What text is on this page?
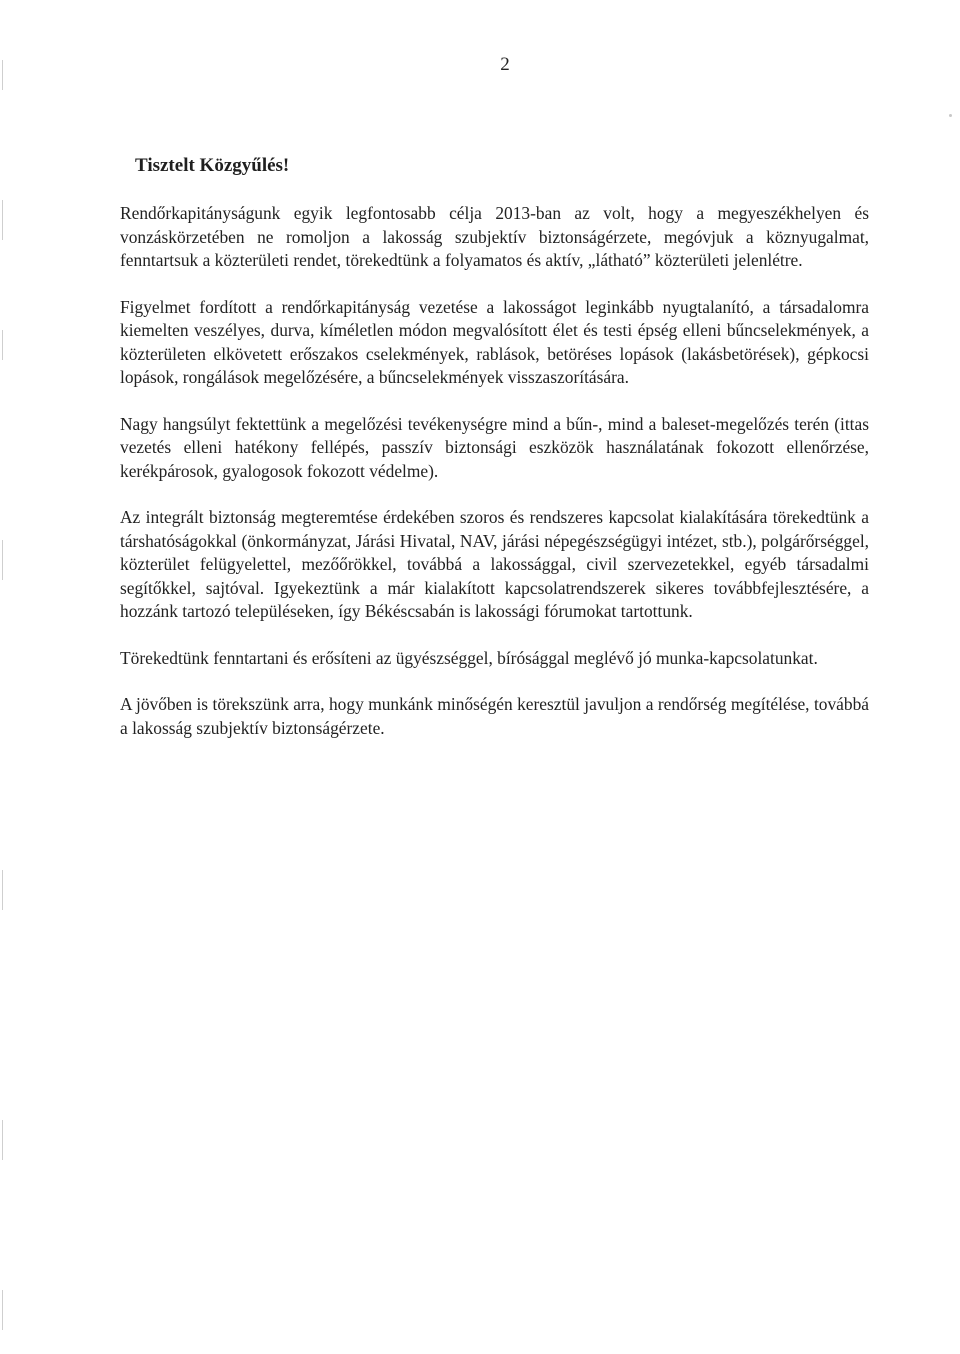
2
Tisztelt Közgyűlés!

Rendőrkapitányságunk egyik legfontosabb célja 2013-ban az volt, hogy a megyeszékhelyen és vonzáskörzetében ne romoljon a lakosság szubjektív biztonságérzete, megóvjuk a köznyugalmat, fenntartsuk a közterületi rendet, törekedtünk a folyamatos és aktív, „látható” közterületi jelenlétre.

Figyelmet fordított a rendőrkapitányság vezetése a lakosságot leginkább nyugtalanító, a társadalomra kiemelten veszélyes, durva, kíméletlen módon megvalósított élet és testi épség elleni bűncselekmények, a közterületen elkövetett erőszakos cselekmények, rablások, betöréses lopások (lakásbetörések), gépkocsi lopások, rongálások megelőzésére, a bűncselekmények visszaszorítására.

Nagy hangsúlyt fektettünk a megelőzési tevékenységre mind a bűn-, mind a baleset-megelőzés terén (ittas vezetés elleni hatékony fellépés, passzív biztonsági eszközök használatának fokozott ellenőrzése, kerékpárosok, gyalogosok fokozott védelme).

Az integrált biztonság megteremtése érdekében szoros és rendszeres kapcsolat kialakítására törekedtünk a társhatóságokkal (önkormányzat, Járási Hivatal, NAV, járási népegészségügyi intézet, stb.), polgárőrséggel, közterület felügyelettel, mezőőrökkel, továbbá a lakossággal, civil szervezetekkel, egyéb társadalmi segítőkkel, sajtóval. Igyekeztünk a már kialakított kapcsolatrendszerek sikeres továbbfejlesztésére, a hozzánk tartozó településeken, így Békéscsabán is lakossági fórumokat tartottunk.

Törekedtünk fenntartani és erősíteni az ügyészséggel, bírósággal meglévő jó munka-kapcsolatunkat.

A jövőben is törekszünk arra, hogy munkánk minőségén keresztül javuljon a rendőrség megítélése, továbbá a lakosság szubjektív biztonságérzete.
